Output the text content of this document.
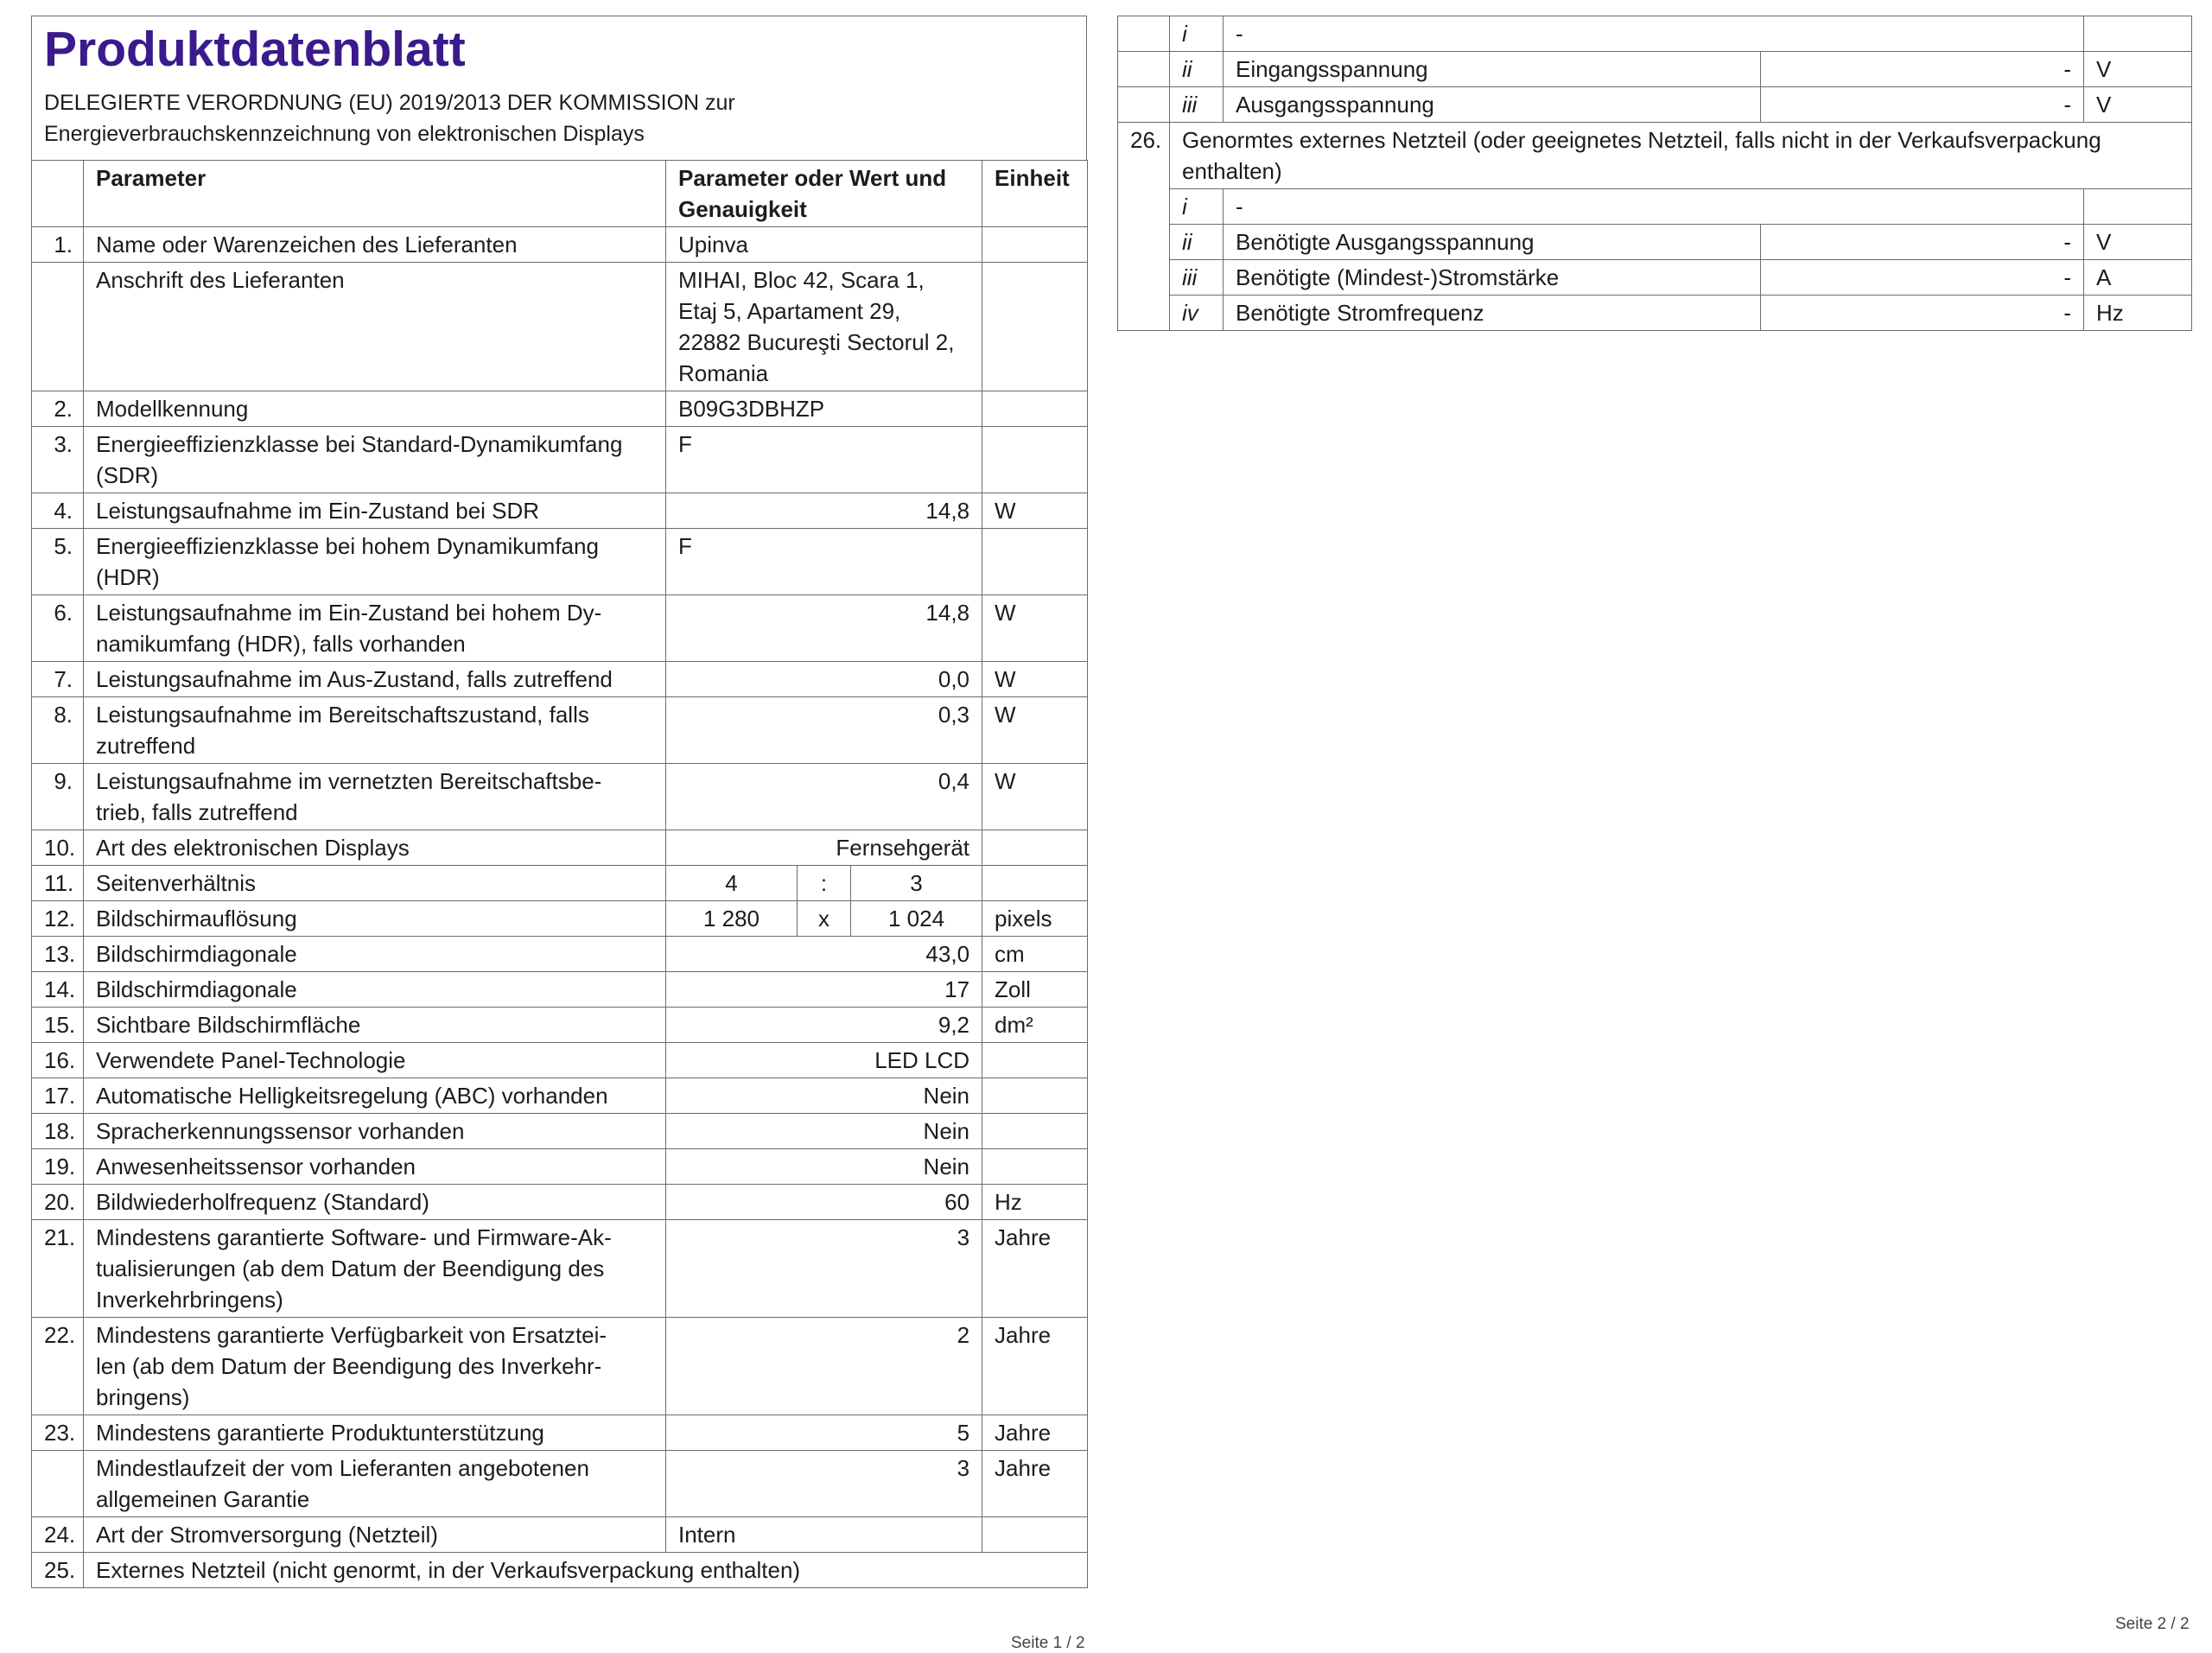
Produktdatenblatt
DELEGIERTE VERORDNUNG (EU) 2019/2013 DER KOMMISSION zur
Energieverbrauchskennzeichnung von elektronischen Displays
	Parameter	Parameter oder Wert und
Genauigkeit			Einheit
1.	Name oder Warenzeichen des Lieferanten	Upinva			
	Anschrift des Lieferanten	MIHAI, Bloc 42, Scara 1,
Etaj 5, Apartament 29,
22882 Bucureşti Sectorul 2,
Romania			
2.	Modellkennung	B09G3DBHZP			
3.	Energieeffizienzklasse bei Standard-Dynamikumfang
(SDR)	F			
4.	Leistungsaufnahme im Ein-Zustand bei SDR	14,8			W
5.	Energieeffizienzklasse bei hohem Dynamikumfang
(HDR)	F			
6.	Leistungsaufnahme im Ein-Zustand bei hohem Dy-
namikumfang (HDR), falls vorhanden	14,8			W
7.	Leistungsaufnahme im Aus-Zustand, falls zutreffend	0,0			W
8.	Leistungsaufnahme im Bereitschaftszustand, falls
zutreffend	0,3			W
9.	Leistungsaufnahme im vernetzten Bereitschaftsbe-
trieb, falls zutreffend	0,4			W
10.	Art des elektronischen Displays	Fernsehgerät			
11.	Seitenverhältnis	4	:	3	
12.	Bildschirmauflösung	1 280	x	1 024	pixels
13.	Bildschirmdiagonale	43,0			cm
14.	Bildschirmdiagonale	17			Zoll
15.	Sichtbare Bildschirmfläche	9,2			dm²
16.	Verwendete Panel-Technologie	LED LCD			
17.	Automatische Helligkeitsregelung (ABC) vorhanden	Nein			
18.	Spracherkennungssensor vorhanden	Nein			
19.	Anwesenheitssensor vorhanden	Nein			
20.	Bildwiederholfrequenz (Standard)	60			Hz
21.	Mindestens garantierte Software- und Firmware-Ak-
tualisierungen (ab dem Datum der Beendigung des
Inverkehrbringens)	3			Jahre
22.	Mindestens garantierte Verfügbarkeit von Ersatztei-
len (ab dem Datum der Beendigung des Inverkehr-
bringens)	2			Jahre
23.	Mindestens garantierte Produktunterstützung	5			Jahre
	Mindestlaufzeit der vom Lieferanten angebotenen
allgemeinen Garantie	3			Jahre
24.	Art der Stromversorgung (Netzteil)	Intern			
25.	Externes Netzteil (nicht genormt, in der Verkaufsverpackung enthalten)				
Seite 1 / 2
	i	-		
	ii	Eingangsspannung	-	V
	iii	Ausgangsspannung	-	V
26.	Genormtes externes Netzteil (oder geeignetes Netzteil, falls nicht in der Verkaufsverpackung
enthalten)			
	i	-		
	ii	Benötigte Ausgangsspannung	-	V
	iii	Benötigte (Mindest-)Stromstärke	-	A
	iv	Benötigte Stromfrequenz	-	Hz
Seite 2 / 2
